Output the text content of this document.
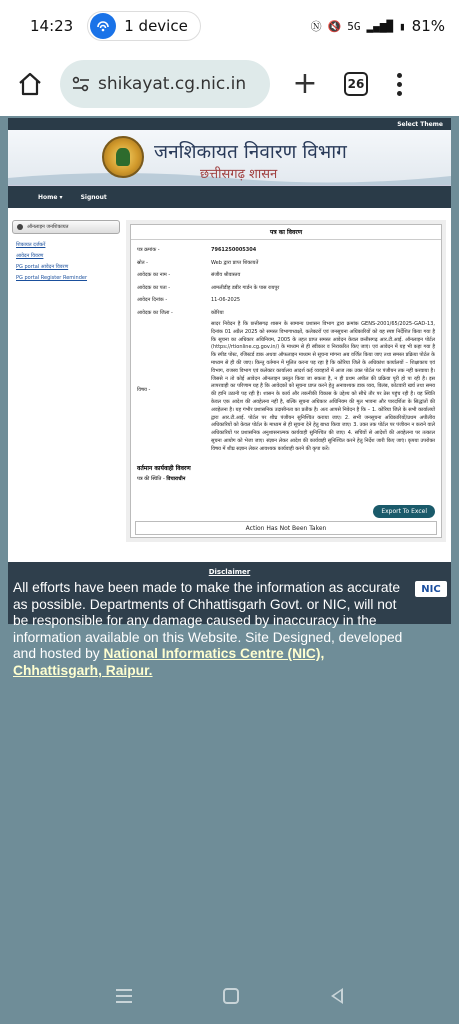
14:23	1 device	Ⓝ 🔇 5G ▂▄▆█ ▮ 81%
shikayat.cg.nic.in +	26
Select Theme
जनशिकायत निवारण विभाग
छत्तीसगढ़ शासन
Home ▾	Signout
ऑनलाइन जनशिकायत
शिकायत दर्जकरें
आवेदन विवरण
PG portal आवेदन विवरण
PG portal Register Reminder
पत्र का विवरण
पत्र क्रमांक -	7961250005304
स्रोत -	Web द्वारा प्राप्त शिकायतें
आवेदक का नाम -	संजीव श्रीवास्तव
आवेदक का पता -	आमलीडीह डबीर गार्डन के पास रायपुर
आवेदन दिनांक -	11-06-2025
आवेदक का जिला -	कोरिया
विषय -
सादर निवेदन है कि छत्तीसगढ़ शासन के सामान्य प्रशासन विभाग द्वारा क्रमांक GENS-2001/65/2025-GAD-13, दिनांक 01 अप्रैल 2025 को समस्त विभागाध्यक्षों, कलेक्टरों एवं जनसूचना अधिकारियों को यह स्पष्ट निर्देशित किया गया है कि सूचना का अधिकार अधिनियम, 2005 के तहत प्राप्त समस्त आवेदन केवल छत्तीसगढ़ आर.टी.आई. ऑनलाइन पोर्टल (https://rtionline.cg.gov.in/) के माध्यम से ही स्वीकार व निराकरित किए जाएं। एवं आवेदन में यह भी कहा गया है कि स्पीड पोस्ट, रजिस्टर्ड डाक अथवा ऑफलाइन माध्यम से सूचना मांगना अब वर्जित किया जाए तथा समस्त प्रक्रिया पोर्टल के माध्यम से ही की जाए। किन्तु वर्तमान में मूलित करना पड़ रहा है कि कोरिया जिले के अधिकांश कार्यालयों – शिक्षाकाय एवं विभाग, राजस्व विभाग एवं कलेक्टर कार्यालय आदर्श कई व्यवहारों में आज तक उक्त पोर्टल पर पंजीयन तक नहीं करवाया है। जिससे न तो कोई आवेदन ऑनलाइन प्रस्तुत किया जा सकता है, न ही प्रथम अपील की प्रक्रिया पूरी हो पा रही है। इस लापरवाही का परिणाम यह है कि आवेदकों को सूचना प्राप्त करने हेतु अनावश्यक डाक व्यय, विलंब, कोटवारी खर्च तथा समय की हानि उठानी पड़ रही है। शासन के कार्य और तकनीकी विकास के उद्देश्य को सीधे तौर पर ठेस पहुंच रही है। यह स्थिति केवल एक आदेश की अवहेलना नहीं है, बल्कि सूचना अधिकार अधिनियम की मूल भावना और पारदर्शिता के सिद्धांतों की अवहेलना है। यह गंभीर प्रशासनिक उदासीनता का प्रतीक है। अतः आपसे निवेदन है कि – 1. कोरिया जिले के सभी कार्यालयों द्वारा आर.टी.आई. पोर्टल पर शीघ्र पंजीयन सुनिश्चित कराया जाए। 2. सभी जनसूचना अधिकारियों/प्रथम अपीलीय अधिकारियों को केवल पोर्टल के माध्यम से ही सूचना देने हेतु बाध्य किया जाए। 3. उक्त तक पोर्टल पर पंजीयन न कराने वाले अधिकारियों पर प्रशासनिक अनुशासनात्मक कार्यवाही सुनिश्चित की जाए। 4. सचिवों से आदेशों की अवहेलना पर तत्काल सूचना आयोग को भेजा जाए। संज्ञान लेकर आदेश की कार्यवाही सुनिश्चित करने हेतु निर्देश जारी किए जाएं। कृपया उपरोक्त विषय में शीघ्र सज्ञान लेकर आवश्यक कार्यवाही करने की कृपा करें।
वर्तमान कार्यवाही विवरण
पत्र की स्थिति - विचाराधीन
Export To Excel
Action Has Not Been Taken
Disclaimer
NIC
All efforts have been made to make the information as accurate as possible. Departments of Chhattisgarh Govt. or NIC, will not be responsible for any damage caused by inaccuracy in the information available on this Website. Site Designed, developed and hosted by National Informatics Centre (NIC), Chhattisgarh, Raipur.
